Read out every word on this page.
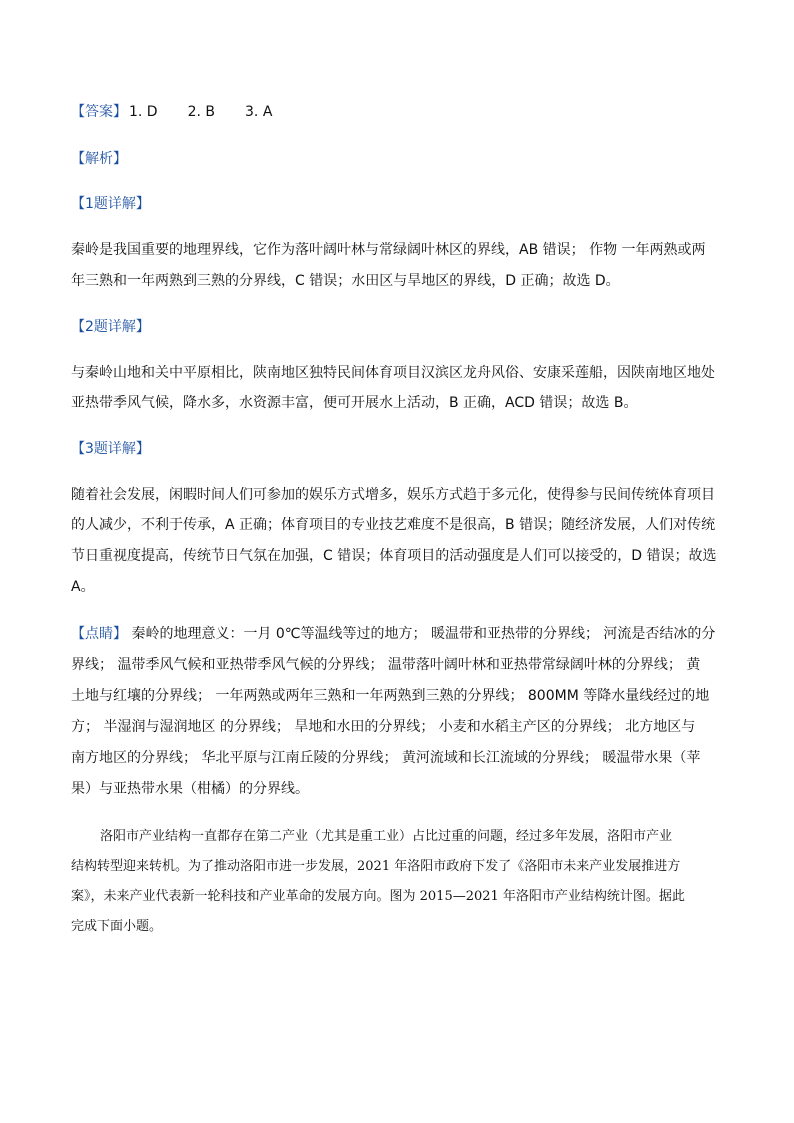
【答案】 1. D 2. B 3. A
【解析】
【1题详解】
秦岭是我国重要的地理界线，它作为落叶阔叶林与常绿阔叶林区的界线，AB 错误； 作物 一年两熟或两
年三熟和一年两熟到三熟的分界线，C 错误；水田区与旱地区的界线，D 正确；故选 D。
【2题详解】
与秦岭山地和关中平原相比，陕南地区独特民间体育项目汉滨区龙舟风俗、安康采莲船，因陕南地区地处
亚热带季风气候，降水多，水资源丰富，便可开展水上活动，B 正确，ACD 错误；故选 B。
【3题详解】
随着社会发展，闲暇时间人们可参加的娱乐方式增多，娱乐方式趋于多元化，使得参与民间传统体育项目
的人减少，不利于传承，A 正确；体育项目的专业技艺难度不是很高，B 错误；随经济发展，人们对传统
节日重视度提高，传统节日气氛在加强，C 错误；体育项目的活动强度是人们可以接受的，D 错误；故选
A。
【点睛】 秦岭的地理意义：一月 0℃等温线等过的地方； 暖温带和亚热带的分界线； 河流是否结冰的分
界线； 温带季风气候和亚热带季风气候的分界线； 温带落叶阔叶林和亚热带常绿阔叶林的分界线； 黄
土地与红壤的分界线； 一年两熟或两年三熟和一年两熟到三熟的分界线； 800MM 等降水量线经过的地
方； 半湿润与湿润地区 的分界线； 旱地和水田的分界线； 小麦和水稻主产区的分界线； 北方地区与
南方地区的分界线； 华北平原与江南丘陵的分界线； 黄河流域和长江流域的分界线； 暖温带水果（苹
果）与亚热带水果（柑橘）的分界线。
洛阳市产业结构一直都存在第二产业（尤其是重工业）占比过重的问题，经过多年发展，洛阳市产业
结构转型迎来转机。为了推动洛阳市进一步发展，2021 年洛阳市政府下发了《洛阳市未来产业发展推进方
案》，未来产业代表新一轮科技和产业革命的发展方向。图为 2015—2021 年洛阳市产业结构统计图。据此
完成下面小题。
